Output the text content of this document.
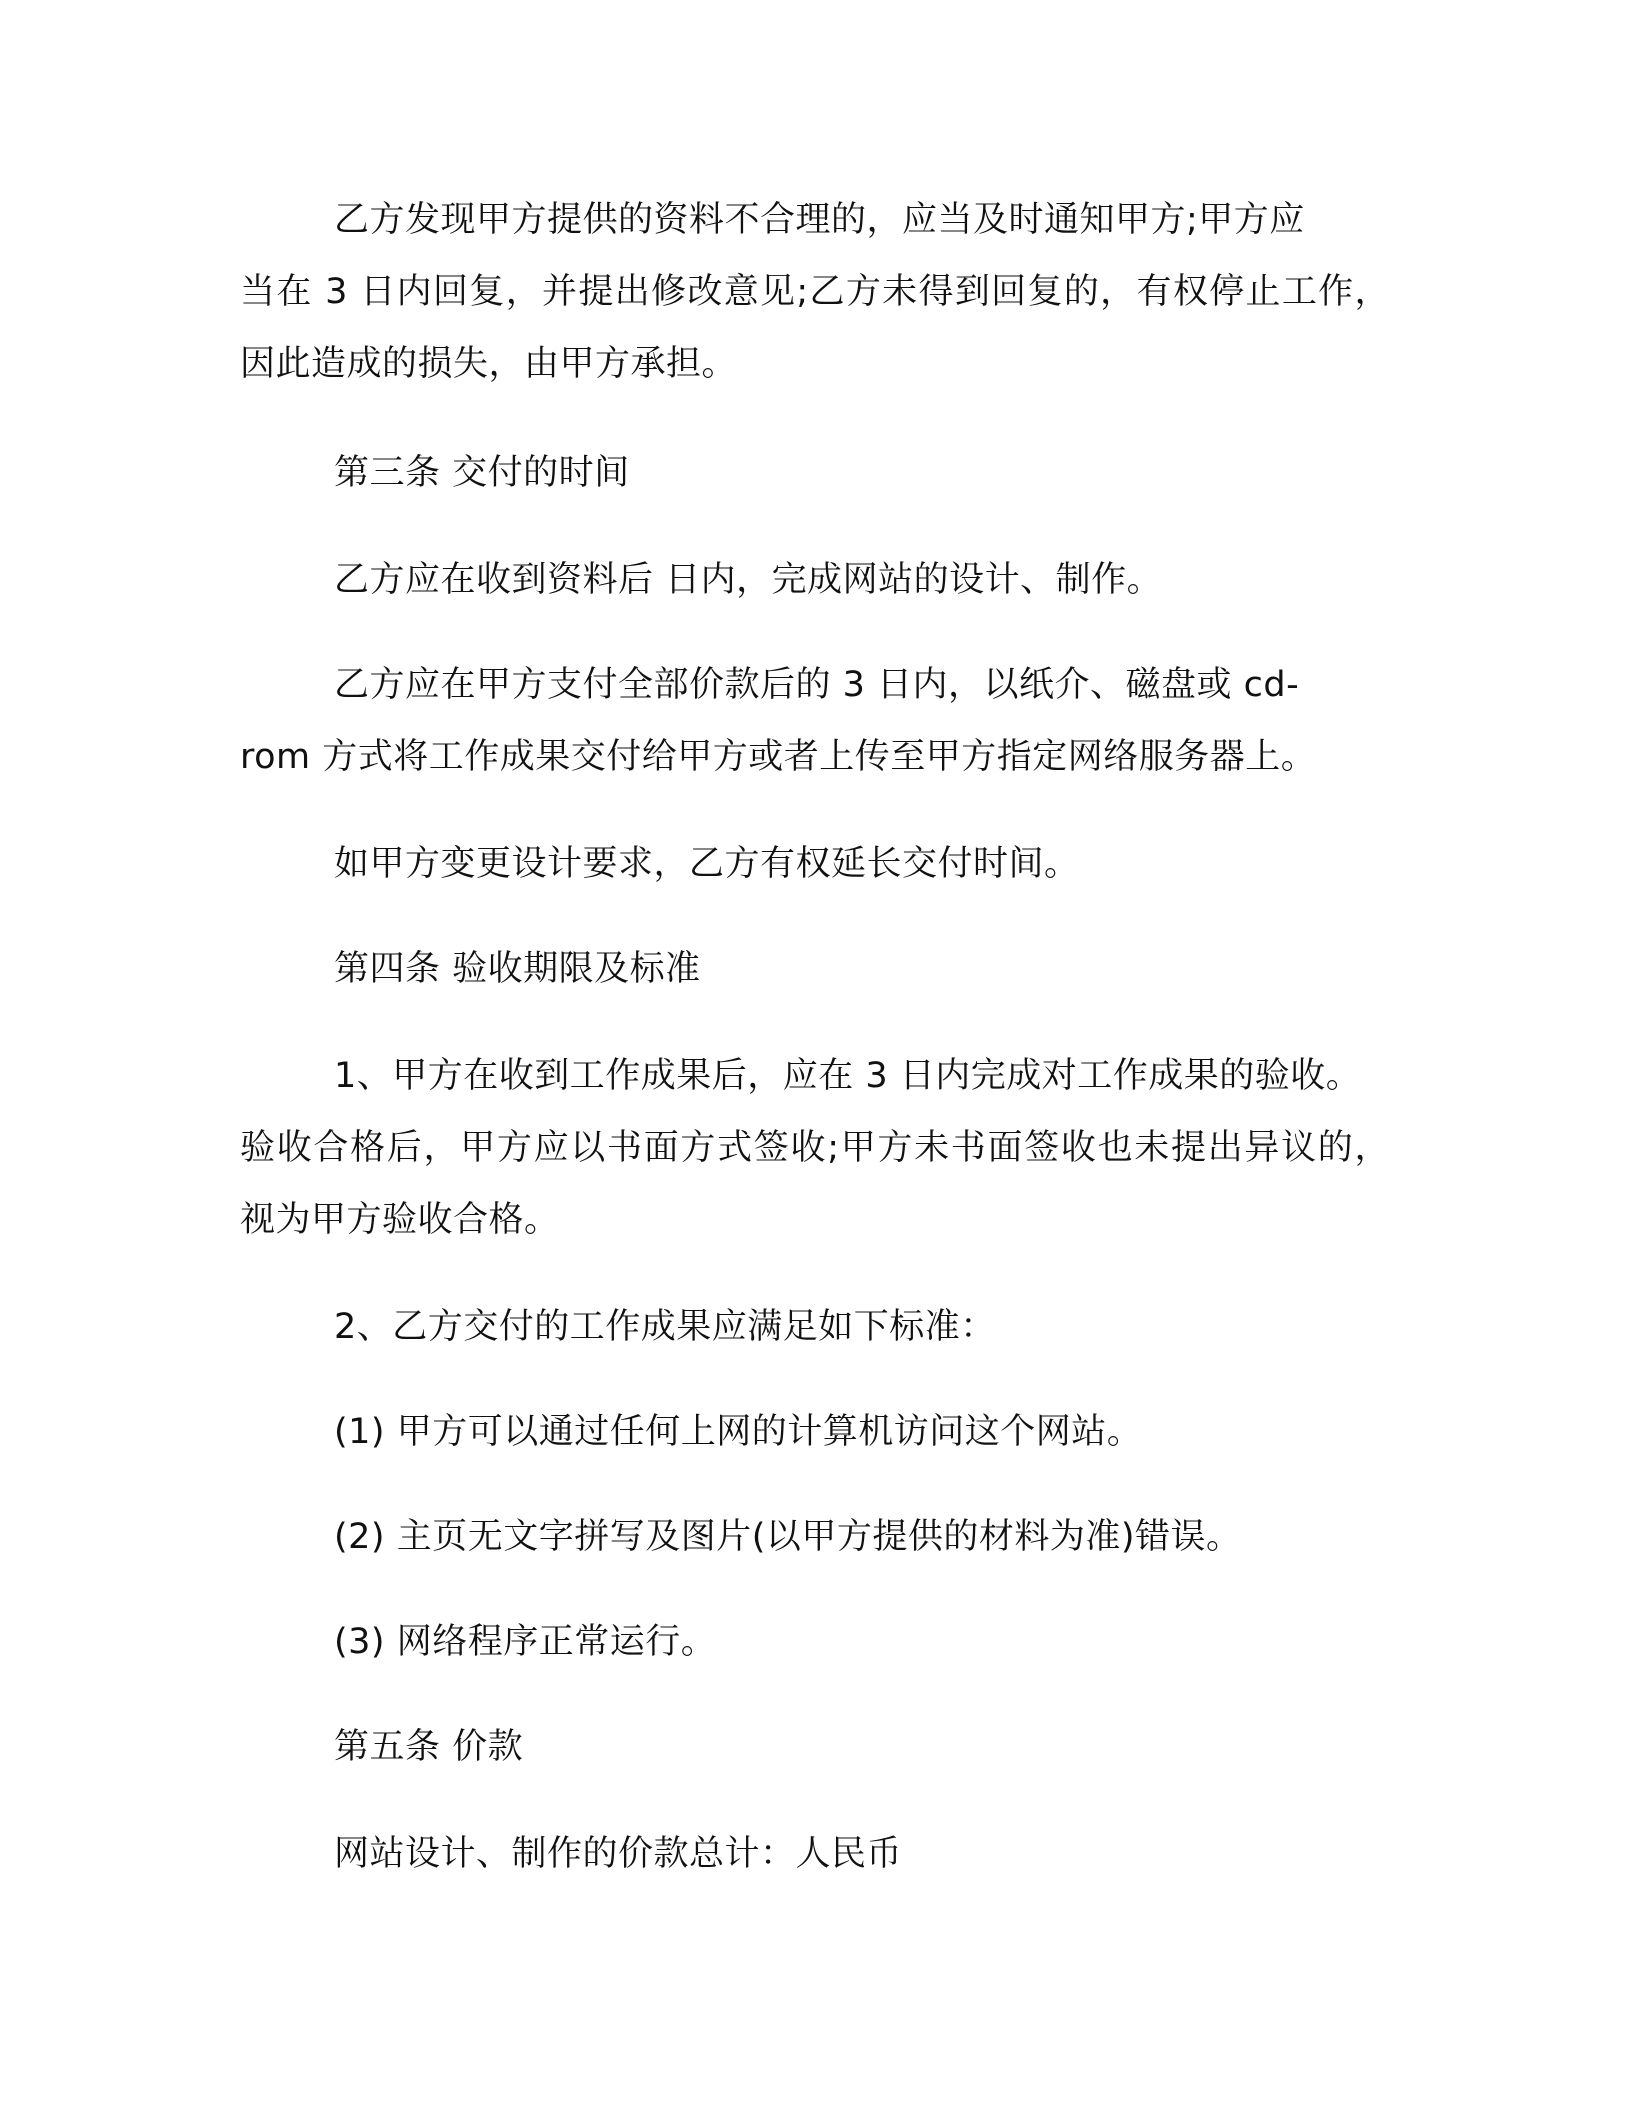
乙方发现甲方提供的资料不合理的，应当及时通知甲方;甲方应
当在 3 日内回复，并提出修改意见;乙方未得到回复的，有权停止工作，
因此造成的损失，由甲方承担。
第三条 交付的时间
乙方应在收到资料后 日内，完成网站的设计、制作。
乙方应在甲方支付全部价款后的 3 日内，以纸介、磁盘或 cd-
rom 方式将工作成果交付给甲方或者上传至甲方指定网络服务器上。
如甲方变更设计要求，乙方有权延长交付时间。
第四条 验收期限及标准
1、甲方在收到工作成果后，应在 3 日内完成对工作成果的验收。
验收合格后，甲方应以书面方式签收;甲方未书面签收也未提出异议的，
视为甲方验收合格。
2、乙方交付的工作成果应满足如下标准：
(1) 甲方可以通过任何上网的计算机访问这个网站。
(2) 主页无文字拼写及图片(以甲方提供的材料为准)错误。
(3) 网络程序正常运行。
第五条 价款
网站设计、制作的价款总计：人民币
